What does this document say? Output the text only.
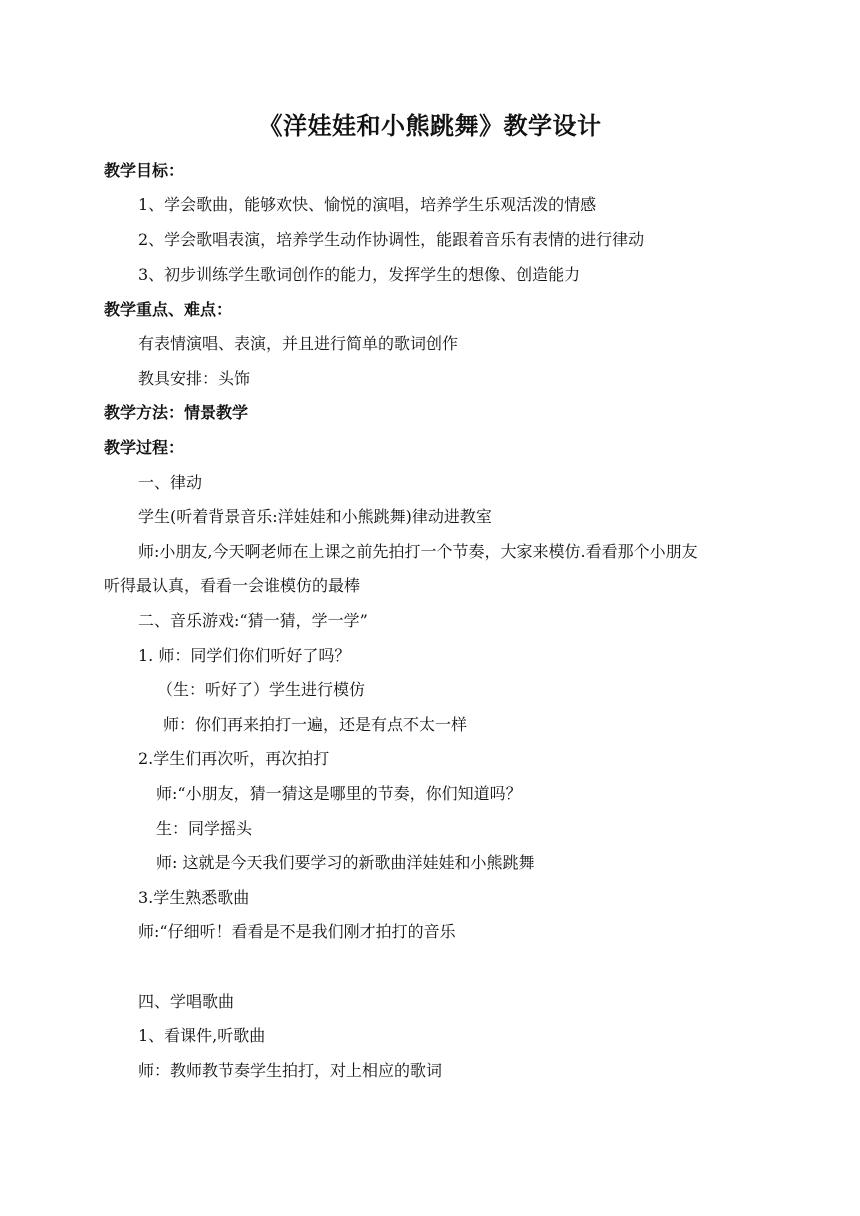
《洋娃娃和小熊跳舞》教学设计
教学目标：
1、学会歌曲，能够欢快、愉悦的演唱，培养学生乐观活泼的情感
2、学会歌唱表演，培养学生动作协调性，能跟着音乐有表情的进行律动
3、初步训练学生歌词创作的能力，发挥学生的想像、创造能力
教学重点、难点：
有表情演唱、表演，并且进行简单的歌词创作
教具安排：头饰
教学方法：情景教学
教学过程：
一、律动
学生(听着背景音乐:洋娃娃和小熊跳舞)律动进教室
师:小朋友,今天啊老师在上课之前先拍打一个节奏，大家来模仿.看看那个小朋友
听得最认真，看看一会谁模仿的最棒
二、音乐游戏:“猜一猜，学一学”
1. 师：同学们你们听好了吗？
（生：听好了）学生进行模仿
师：你们再来拍打一遍，还是有点不太一样
2.学生们再次听，再次拍打
师:“小朋友，猜一猜这是哪里的节奏，你们知道吗？
生：同学摇头
师: 这就是今天我们要学习的新歌曲洋娃娃和小熊跳舞
3.学生熟悉歌曲
师:“仔细听！看看是不是我们刚才拍打的音乐
四、学唱歌曲
1、看课件,听歌曲
师：教师教节奏学生拍打，对上相应的歌词
